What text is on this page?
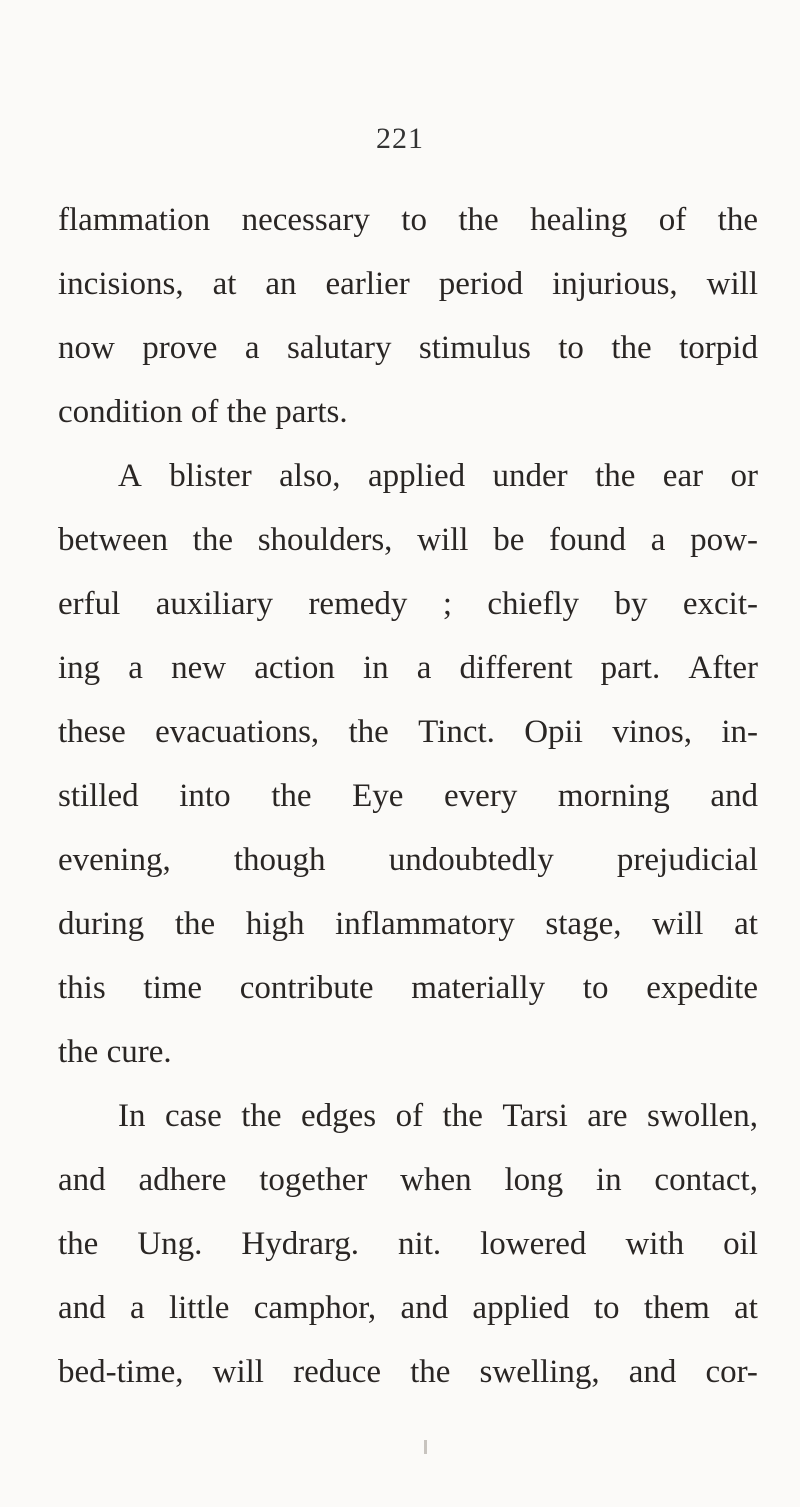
221
flammation necessary to the healing of the
incisions, at an earlier period injurious, will
now prove a salutary stimulus to the torpid
condition of the parts.
A blister also, applied under the ear or
between the shoulders, will be found a pow-
erful auxiliary remedy ; chiefly by excit-
ing a new action in a different part. After
these evacuations, the Tinct. Opii vinos, in-
stilled into the Eye every morning and
evening, though undoubtedly prejudicial
during the high inflammatory stage, will at
this time contribute materially to expedite
the cure.
In case the edges of the Tarsi are swollen,
and adhere together when long in contact,
the Ung. Hydrarg. nit. lowered with oil
and a little camphor, and applied to them at
bed-time, will reduce the swelling, and cor-
